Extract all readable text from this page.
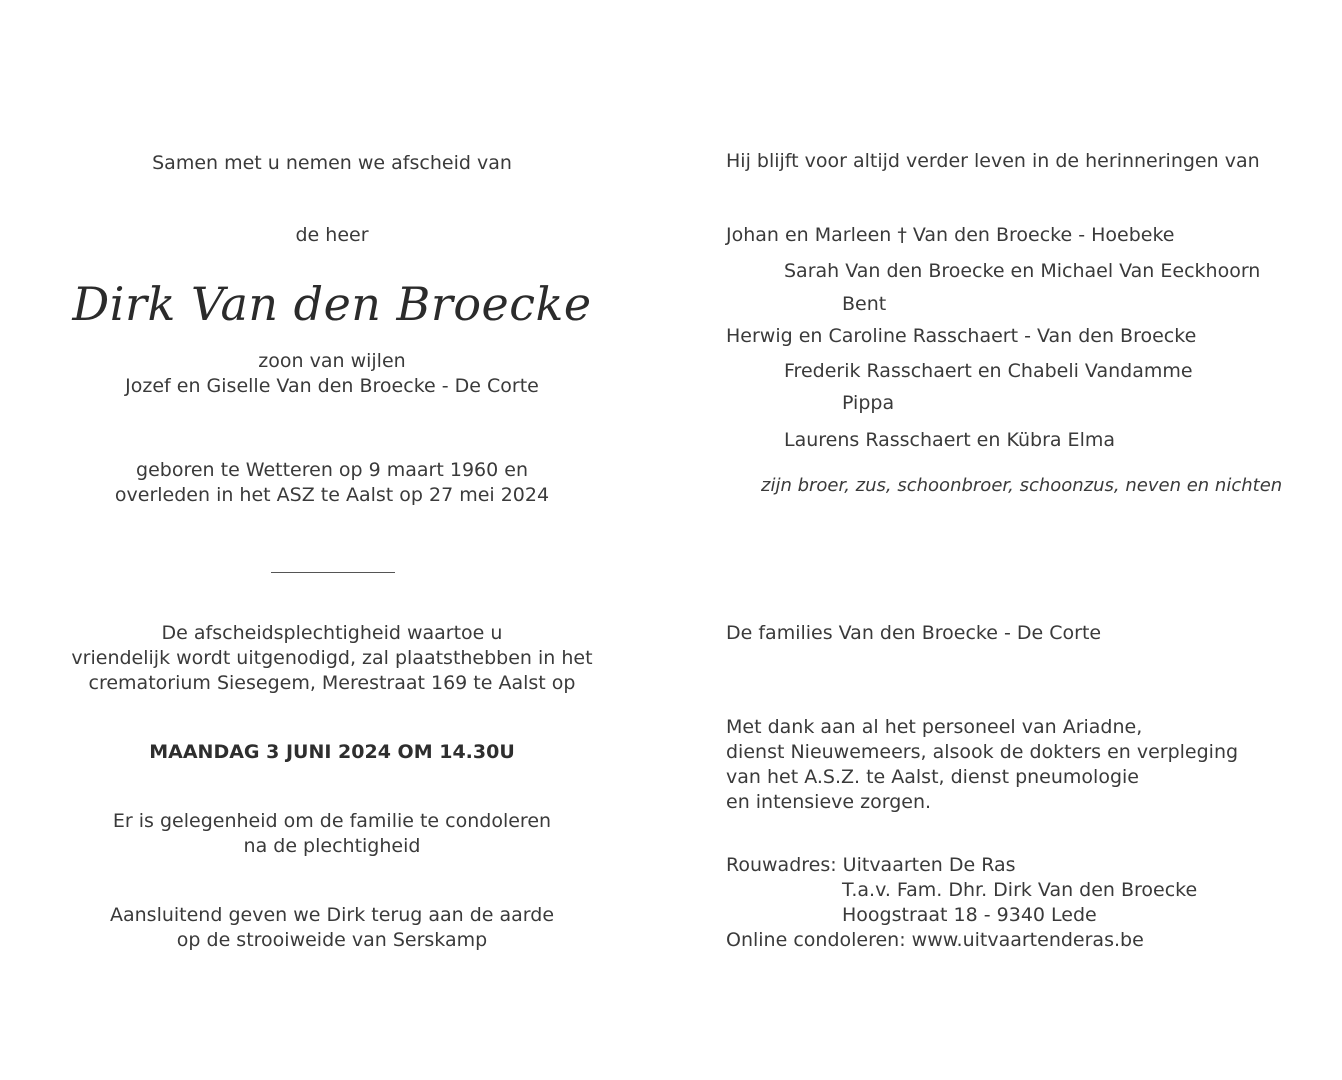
Samen met u nemen we afscheid van

de heer

Dirk Van den Broecke

zoon van wijlen

Jozef en Giselle Van den Broecke - De Corte

geboren te Wetteren op 9 maart 1960 en

overleden in het ASZ te Aalst op 27 mei 2024

De afscheidsplechtigheid waartoe u

vriendelijk wordt uitgenodigd, zal plaatsthebben in het

crematorium Siesegem, Merestraat 169 te Aalst op

MAANDAG 3 JUNI 2024 OM 14.30U

Er is gelegenheid om de familie te condoleren

na de plechtigheid

Aansluitend geven we Dirk terug aan de aarde

op de strooiweide van Serskamp

Hij blijft voor altijd verder leven in de herinneringen van

Johan en Marleen † Van den Broecke - Hoebeke

Sarah Van den Broecke en Michael Van Eeckhoorn

Bent

Herwig en Caroline Rasschaert - Van den Broecke

Frederik Rasschaert en Chabeli Vandamme

Pippa

Laurens Rasschaert en Kübra Elma

zijn broer, zus, schoonbroer, schoonzus, neven en nichten

De families Van den Broecke - De Corte

Met dank aan al het personeel van Ariadne,

dienst Nieuwemeers, alsook de dokters en verpleging

van het A.S.Z. te Aalst, dienst pneumologie

en intensieve zorgen.

Rouwadres: Uitvaarten De Ras

T.a.v. Fam. Dhr. Dirk Van den Broecke

Hoogstraat 18 - 9340 Lede

Online condoleren: www.uitvaartenderas.be
